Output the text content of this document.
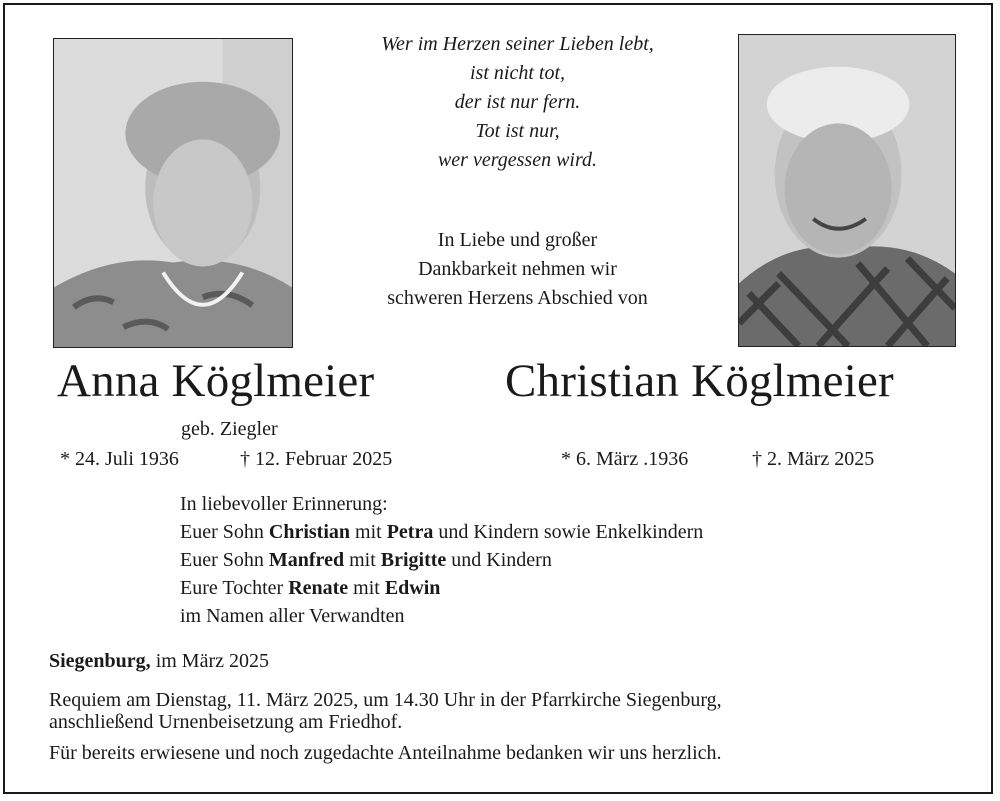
Wer im Herzen seiner Lieben lebt,
ist nicht tot,
der ist nur fern.
Tot ist nur,
wer vergessen wird.
In Liebe und großer
Dankbarkeit nehmen wir
schweren Herzens Abschied von
Anna Köglmeier	Christian Köglmeier
geb. Ziegler
* 24. Juli 1936	† 12. Februar 2025	* 6. März .1936	† 2. März 2025
In liebevoller Erinnerung:
Euer Sohn Christian mit Petra und Kindern sowie Enkelkindern
Euer Sohn Manfred mit Brigitte und Kindern
Eure Tochter Renate mit Edwin
im Namen aller Verwandten
Siegenburg, im März 2025
Requiem am Dienstag, 11. März 2025, um 14.30 Uhr in der Pfarrkirche Siegenburg,
anschließend Urnenbeisetzung am Friedhof.
Für bereits erwiesene und noch zugedachte Anteilnahme bedanken wir uns herzlich.
